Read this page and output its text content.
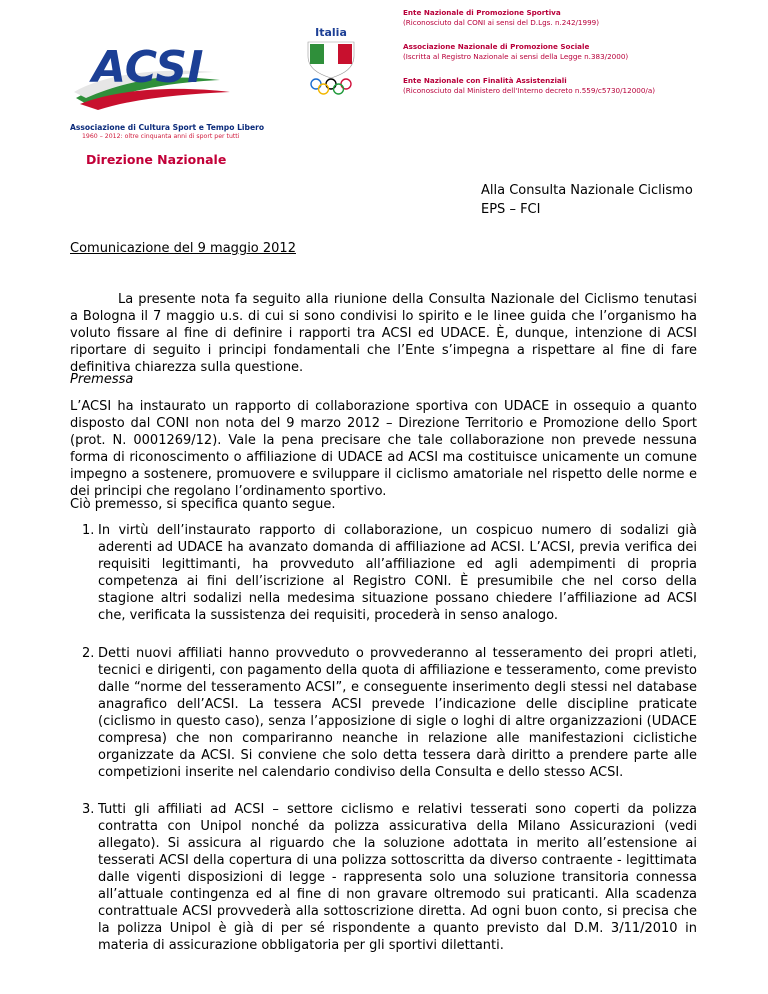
ACSI
Italia
Ente Nazionale di Promozione Sportiva
(Riconosciuto dal CONI ai sensi del D.Lgs. n.242/1999)
Associazione Nazionale di Promozione Sociale
(Iscritta al Registro Nazionale ai sensi della Legge n.383/2000)
Ente Nazionale con Finalità Assistenziali
(Riconosciuto dal Ministero dell'Interno decreto n.559/c5730/12000/a)
Associazione di Cultura Sport e Tempo Libero
1960 – 2012: oltre cinquanta anni di sport per tutti
Direzione Nazionale
Alla Consulta Nazionale Ciclismo
EPS – FCI
Comunicazione del 9 maggio 2012

La presente nota fa seguito alla riunione della Consulta Nazionale del Ciclismo tenutasi a Bologna il 7 maggio u.s. di cui si sono condivisi lo spirito e le linee guida che l’organismo ha voluto fissare al fine di definire i rapporti tra ACSI ed UDACE. È, dunque, intenzione di ACSI riportare di seguito i principi fondamentali che l’Ente s’impegna a rispettare al fine di fare definitiva chiarezza sulla questione.

Premessa

L’ACSI ha instaurato un rapporto di collaborazione sportiva con UDACE in ossequio a quanto disposto dal CONI non nota del 9 marzo 2012 – Direzione Territorio e Promozione dello Sport (prot. N. 0001269/12). Vale la pena precisare che tale collaborazione non prevede nessuna forma di riconoscimento o affiliazione di UDACE ad ACSI ma costituisce unicamente un comune impegno a sostenere, promuovere e sviluppare il ciclismo amatoriale nel rispetto delle norme e dei principi che regolano l’ordinamento sportivo.

Ciò premesso, si specifica quanto segue.

1. In virtù dell’instaurato rapporto di collaborazione, un cospicuo numero di sodalizi già aderenti ad UDACE ha avanzato domanda di affiliazione ad ACSI. L’ACSI, previa verifica dei requisiti legittimanti, ha provveduto all’affiliazione ed agli adempimenti di propria competenza ai fini dell’iscrizione al Registro CONI. È presumibile che nel corso della stagione altri sodalizi nella medesima situazione possano chiedere l’affiliazione ad ACSI che, verificata la sussistenza dei requisiti, procederà in senso analogo.
2. Detti nuovi affiliati hanno provveduto o provvederanno al tesseramento dei propri atleti, tecnici e dirigenti, con pagamento della quota di affiliazione e tesseramento, come previsto dalle “norme del tesseramento ACSI”, e conseguente inserimento degli stessi nel database anagrafico dell’ACSI. La tessera ACSI prevede l’indicazione delle discipline praticate (ciclismo in questo caso), senza l’apposizione di sigle o loghi di altre organizzazioni (UDACE compresa) che non compariranno neanche in relazione alle manifestazioni ciclistiche organizzate da ACSI. Si conviene che solo detta tessera darà diritto a prendere parte alle competizioni inserite nel calendario condiviso della Consulta e dello stesso ACSI.
3. Tutti gli affiliati ad ACSI – settore ciclismo e relativi tesserati sono coperti da polizza contratta con Unipol nonché da polizza assicurativa della Milano Assicurazioni (vedi allegato). Si assicura al riguardo che la soluzione adottata in merito all’estensione ai tesserati ACSI della copertura di una polizza sottoscritta da diverso contraente - legittimata dalle vigenti disposizioni di legge - rappresenta solo una soluzione transitoria connessa all’attuale contingenza ed al fine di non gravare oltremodo sui praticanti. Alla scadenza contrattuale ACSI provvederà alla sottoscrizione diretta. Ad ogni buon conto, si precisa che la polizza Unipol è già di per sé rispondente a quanto previsto dal D.M. 3/11/2010 in materia di assicurazione obbligatoria per gli sportivi dilettanti.
